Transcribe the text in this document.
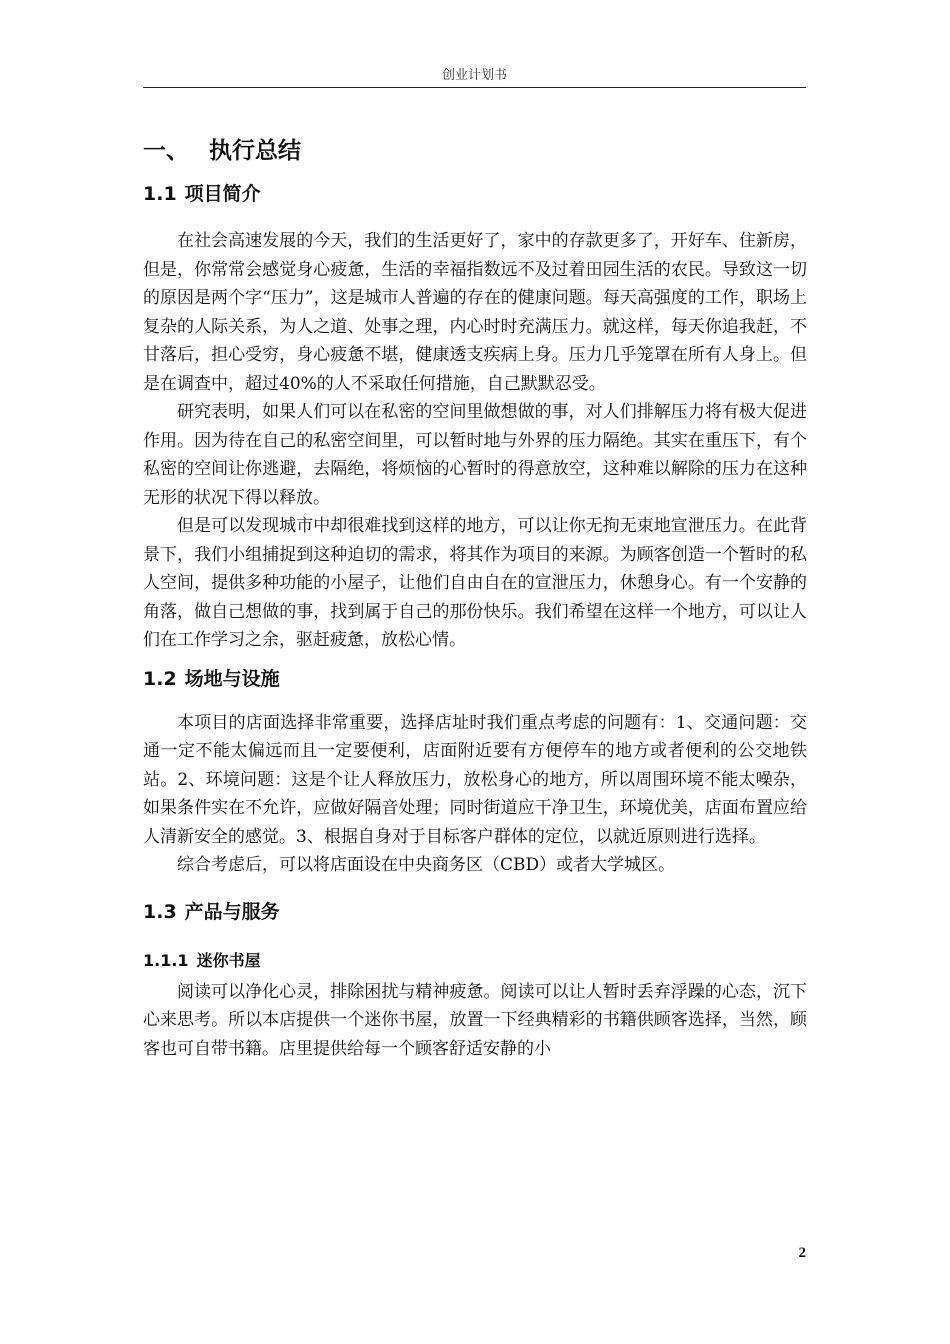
创业计划书
一、 执行总结
1.1 项目简介

在社会高速发展的今天，我们的生活更好了，家中的存款更多了，开好车、住新房，但是，你常常会感觉身心疲惫，生活的幸福指数远不及过着田园生活的农民。导致这一切的原因是两个字“压力”，这是城市人普遍的存在的健康问题。每天高强度的工作，职场上复杂的人际关系，为人之道、处事之理，内心时时充满压力。就这样，每天你追我赶，不甘落后，担心受穷，身心疲惫不堪，健康透支疾病上身。压力几乎笼罩在所有人身上。但是在调查中，超过40%的人不采取任何措施，自己默默忍受。

研究表明，如果人们可以在私密的空间里做想做的事，对人们排解压力将有极大促进作用。因为待在自己的私密空间里，可以暂时地与外界的压力隔绝。其实在重压下，有个私密的空间让你逃避，去隔绝，将烦恼的心暂时的得意放空，这种难以解除的压力在这种无形的状况下得以释放。

但是可以发现城市中却很难找到这样的地方，可以让你无拘无束地宣泄压力。在此背景下，我们小组捕捉到这种迫切的需求，将其作为项目的来源。为顾客创造一个暂时的私人空间，提供多种功能的小屋子，让他们自由自在的宣泄压力，休憩身心。有一个安静的角落，做自己想做的事，找到属于自己的那份快乐。我们希望在这样一个地方，可以让人们在工作学习之余，驱赶疲惫，放松心情。

1.2 场地与设施

本项目的店面选择非常重要，选择店址时我们重点考虑的问题有：1、交通问题：交通一定不能太偏远而且一定要便利，店面附近要有方便停车的地方或者便利的公交地铁站。2、环境问题：这是个让人释放压力，放松身心的地方，所以周围环境不能太噪杂，如果条件实在不允许，应做好隔音处理；同时街道应干净卫生，环境优美，店面布置应给人清新安全的感觉。3、根据自身对于目标客户群体的定位，以就近原则进行选择。

综合考虑后，可以将店面设在中央商务区（CBD）或者大学城区。

1.3 产品与服务
1.1.1 迷你书屋

阅读可以净化心灵，排除困扰与精神疲惫。阅读可以让人暂时丢弃浮躁的心态，沉下心来思考。所以本店提供一个迷你书屋，放置一下经典精彩的书籍供顾客选择，当然，顾客也可自带书籍。店里提供给每一个顾客舒适安静的小

2
